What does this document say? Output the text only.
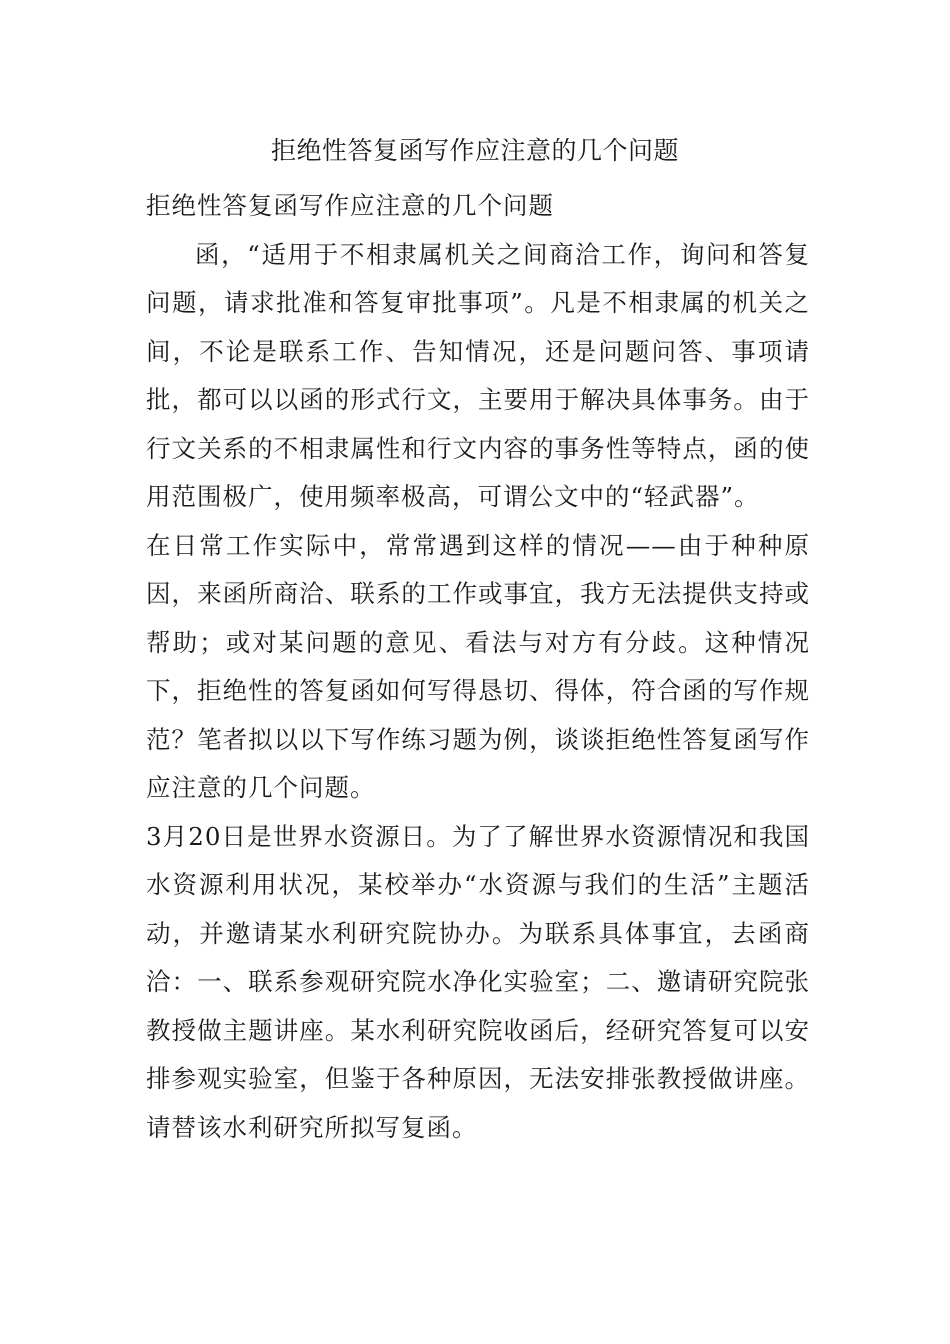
拒绝性答复函写作应注意的几个问题

拒绝性答复函写作应注意的几个问题

函，“适用于不相隶属机关之间商洽工作，询问和答复问题，请求批准和答复审批事项”。凡是不相隶属的机关之间，不论是联系工作、告知情况，还是问题问答、事项请批，都可以以函的形式行文，主要用于解决具体事务。由于行文关系的不相隶属性和行文内容的事务性等特点，函的使用范围极广，使用频率极高，可谓公文中的“轻武器”。

在日常工作实际中，常常遇到这样的情况——由于种种原因，来函所商洽、联系的工作或事宜，我方无法提供支持或帮助；或对某问题的意见、看法与对方有分歧。这种情况下，拒绝性的答复函如何写得恳切、得体，符合函的写作规范？笔者拟以以下写作练习题为例，谈谈拒绝性答复函写作应注意的几个问题。

3月20日是世界水资源日。为了了解世界水资源情况和我国水资源利用状况，某校举办“水资源与我们的生活”主题活动，并邀请某水利研究院协办。为联系具体事宜，去函商洽：一、联系参观研究院水净化实验室；二、邀请研究院张教授做主题讲座。某水利研究院收函后，经研究答复可以安排参观实验室，但鉴于各种原因，无法安排张教授做讲座。请替该水利研究所拟写复函。
